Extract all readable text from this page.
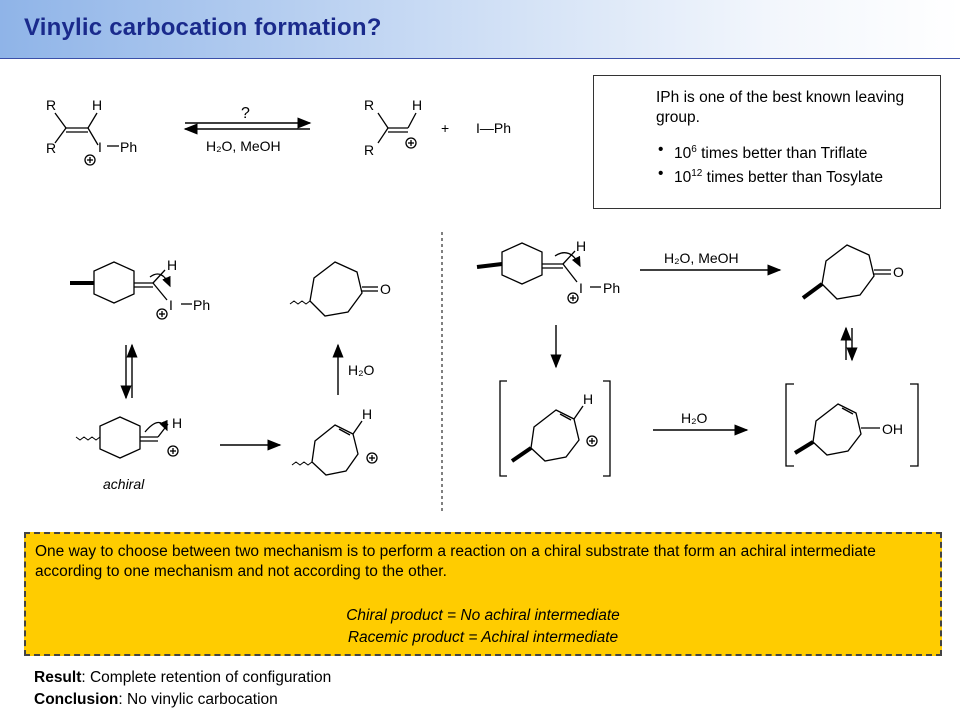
Vinylic carbocation formation?
R	H
R	I Ph
?
H₂O, MeOH
R	H
R
+ I—Ph
H
I Ph
H
achiral
H
H₂O
O
H
I Ph
H₂O, MeOH
O
H
H₂O
OH
IPh is one of the best known leaving group.
• $10^6$ times better than Triflate
• $10^{12}$ times better than Tosylate
One way to choose between two mechanism is to perform a reaction on a chiral substrate that form an achiral intermediate according to one mechanism and not according to the other.
Chiral product = No achiral intermediate
Racemic product = Achiral intermediate
Result: Complete retention of configuration
Conclusion: No vinylic carbocation
